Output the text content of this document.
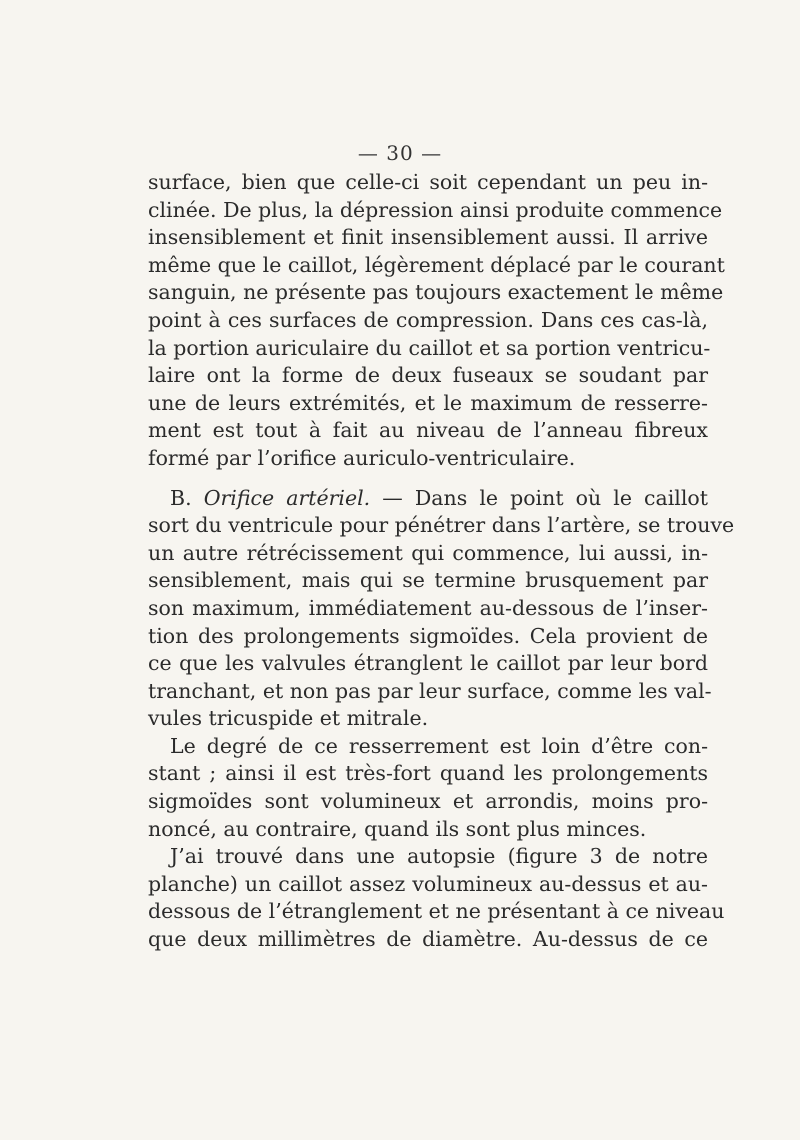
— 30 —

surface, bien que celle-ci soit cependant un peu in-
clinée. De plus, la dépression ainsi produite commence
insensiblement et finit insensiblement aussi. Il arrive
même que le caillot, légèrement déplacé par le courant
sanguin, ne présente pas toujours exactement le même
point à ces surfaces de compression. Dans ces cas-là,
la portion auriculaire du caillot et sa portion ventricu-
laire ont la forme de deux fuseaux se soudant par
une de leurs extrémités, et le maximum de resserre-
ment est tout à fait au niveau de l’anneau fibreux
formé par l’orifice auriculo-ventriculaire.

B. Orifice artériel. — Dans le point où le caillot
sort du ventricule pour pénétrer dans l’artère, se trouve
un autre rétrécissement qui commence, lui aussi, in-
sensiblement, mais qui se termine brusquement par
son maximum, immédiatement au-dessous de l’inser-
tion des prolongements sigmoïdes. Cela provient de
ce que les valvules étranglent le caillot par leur bord
tranchant, et non pas par leur surface, comme les val-
vules tricuspide et mitrale.

Le degré de ce resserrement est loin d’être con-
stant ; ainsi il est très-fort quand les prolongements
sigmoïdes sont volumineux et arrondis, moins pro-
noncé, au contraire, quand ils sont plus minces.

J’ai trouvé dans une autopsie (figure 3 de notre
planche) un caillot assez volumineux au-dessus et au-
dessous de l’étranglement et ne présentant à ce niveau
que deux millimètres de diamètre. Au-dessus de ce
